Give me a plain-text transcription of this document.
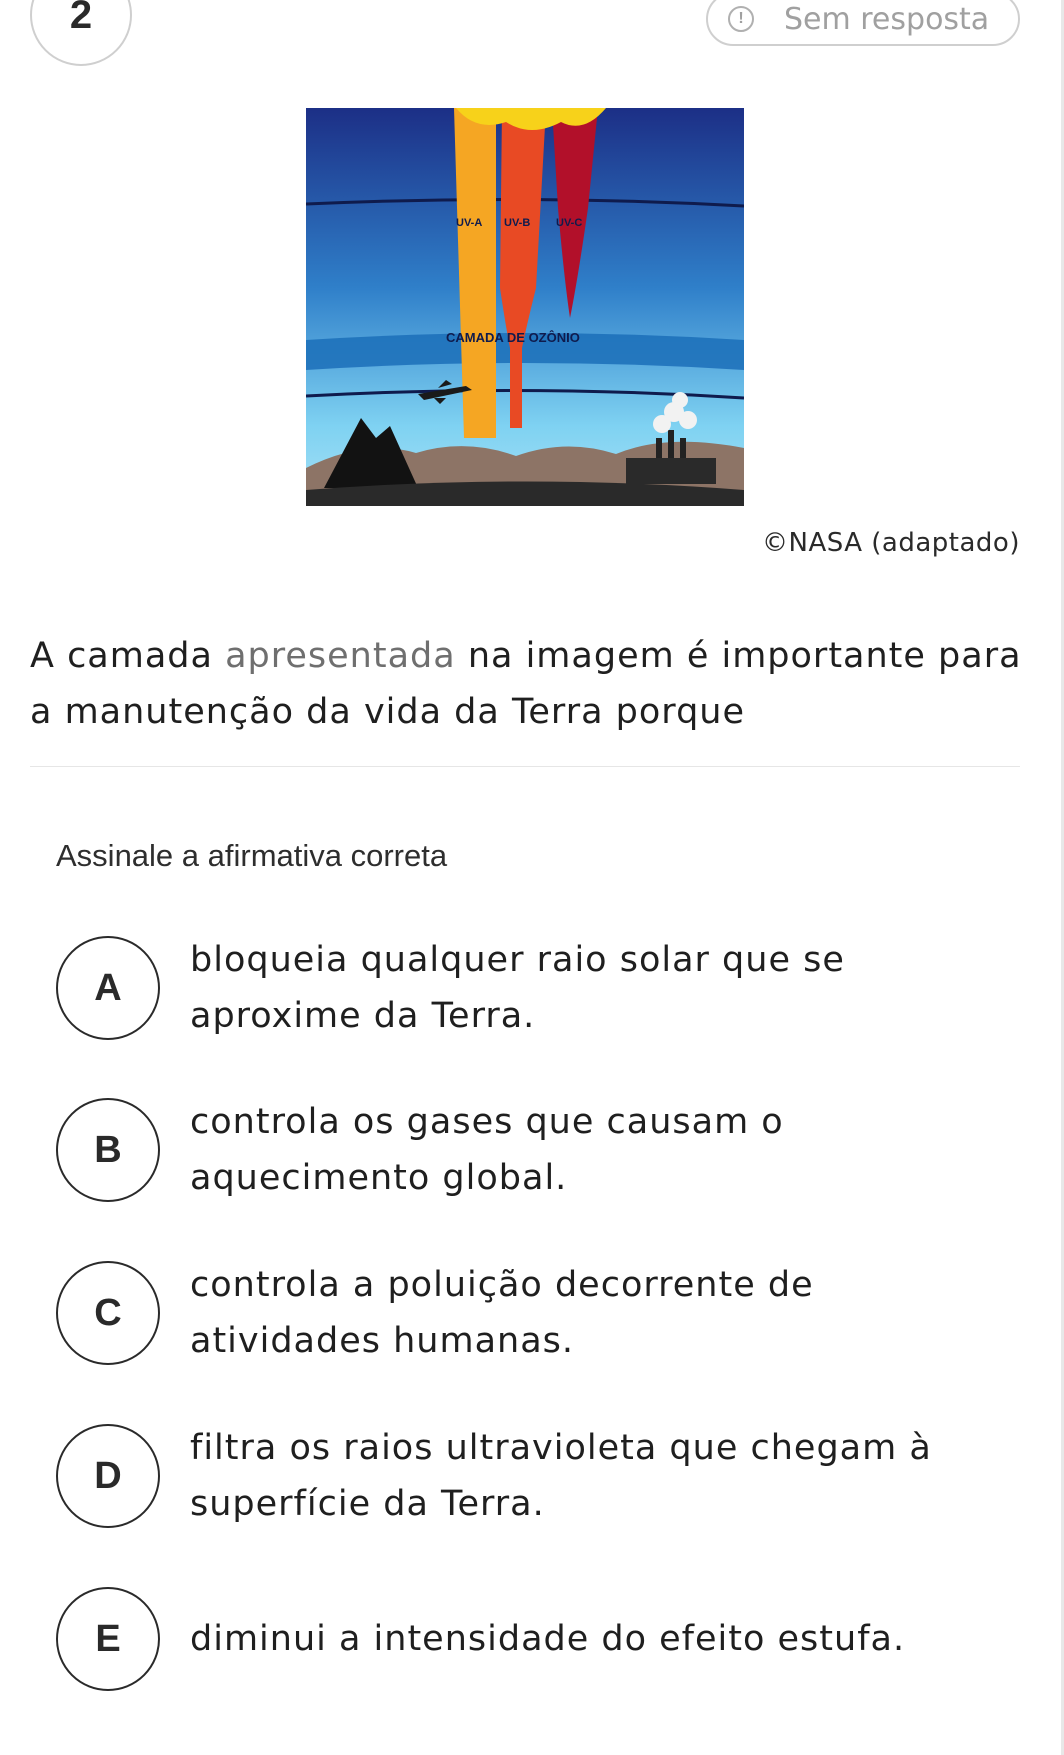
2	!	Sem resposta
UV-A UV-B UV-C
CAMADA DE OZÔNIO
©NASA (adaptado)
A camada apresentada na imagem é importante para a manutenção da vida da Terra porque
Assinale a afirmativa correta
A
bloqueia qualquer raio solar que se aproxime da Terra.
B
controla os gases que causam o aquecimento global.
C
controla a poluição decorrente de atividades humanas.
D
filtra os raios ultravioleta que chegam à superfície da Terra.
E	diminui a intensidade do efeito estufa.
